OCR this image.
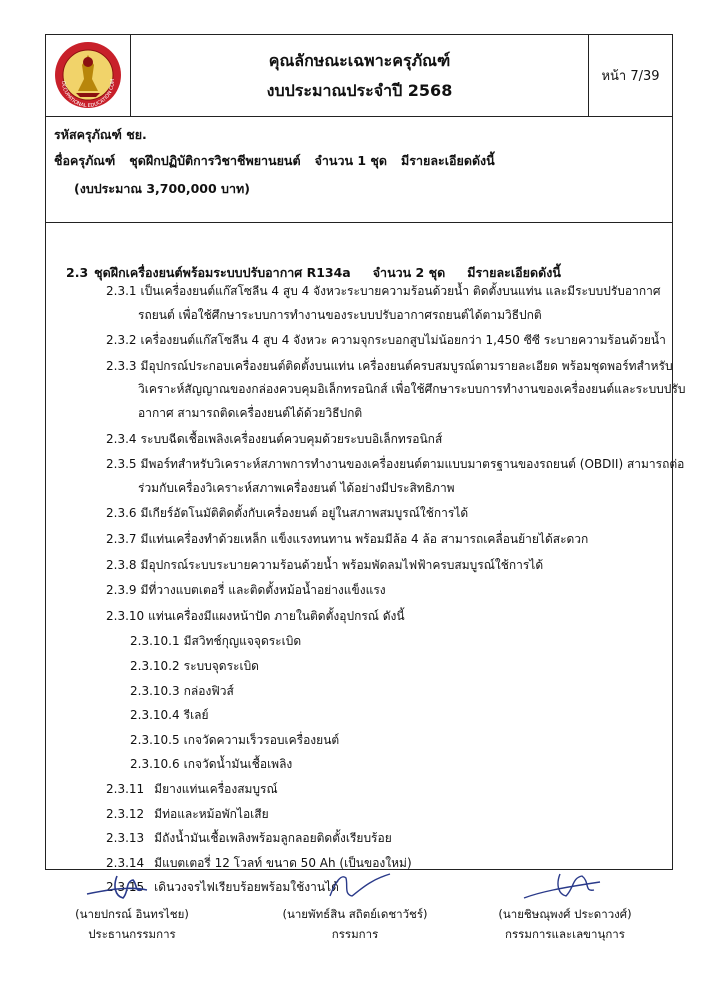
OCCUPATIONAL EDUCATION COM
คุณลักษณะเฉพาะครุภัณฑ์
งบประมาณประจำปี 2568
หน้า 7/39
รหัสครุภัณฑ์ ชย.
ชื่อครุภัณฑ์ ชุดฝึกปฏิบัติการวิชาชีพยานยนต์ จำนวน 1 ชุด มีรายละเอียดดังนี้
(งบประมาณ 3,700,000 บาท)
2.3 ชุดฝึกเครื่องยนต์พร้อมระบบปรับอากาศ R134a จำนวน 2 ชุด มีรายละเอียดดังนี้
2.3.1 เป็นเครื่องยนต์แก๊สโซลีน 4 สูบ 4 จังหวะระบายความร้อนด้วยน้ำ ติดตั้งบนแท่น และมีระบบปรับอากาศ
รถยนต์ เพื่อใช้ศึกษาระบบการทำงานของระบบปรับอากาศรถยนต์ได้ตามวิธีปกติ
2.3.2 เครื่องยนต์แก๊สโซลีน 4 สูบ 4 จังหวะ ความจุกระบอกสูบไม่น้อยกว่า 1,450 ซีซี ระบายความร้อนด้วยน้ำ
2.3.3 มีอุปกรณ์ประกอบเครื่องยนต์ติดตั้งบนแท่น เครื่องยนต์ครบสมบูรณ์ตามรายละเอียด พร้อมชุดพอร์ทสำหรับ
วิเคราะห์สัญญาณของกล่องควบคุมอิเล็กทรอนิกส์ เพื่อใช้ศึกษาระบบการทำงานของเครื่องยนต์และระบบปรับ
อากาศ สามารถติดเครื่องยนต์ได้ด้วยวิธีปกติ
2.3.4 ระบบฉีดเชื้อเพลิงเครื่องยนต์ควบคุมด้วยระบบอิเล็กทรอนิกส์
2.3.5 มีพอร์ทสำหรับวิเคราะห์สภาพการทำงานของเครื่องยนต์ตามแบบมาตรฐานของรถยนต์ (OBDII) สามารถต่อ
ร่วมกับเครื่องวิเคราะห์สภาพเครื่องยนต์ ได้อย่างมีประสิทธิภาพ
2.3.6 มีเกียร์อัตโนมัติติดตั้งกับเครื่องยนต์ อยู่ในสภาพสมบูรณ์ใช้การได้
2.3.7 มีแท่นเครื่องทำด้วยเหล็ก แข็งแรงทนทาน พร้อมมีล้อ 4 ล้อ สามารถเคลื่อนย้ายได้สะดวก
2.3.8 มีอุปกรณ์ระบบระบายความร้อนด้วยน้ำ พร้อมพัดลมไฟฟ้าครบสมบูรณ์ใช้การได้
2.3.9 มีที่วางแบตเตอรี่ และติดตั้งหม้อน้ำอย่างแข็งแรง
2.3.10 แท่นเครื่องมีแผงหน้าปัด ภายในติดตั้งอุปกรณ์ ดังนี้
2.3.10.1 มีสวิทช์กุญแจจุดระเบิด
2.3.10.2 ระบบจุดระเบิด
2.3.10.3 กล่องฟิวส์
2.3.10.4 รีเลย์
2.3.10.5 เกจวัดความเร็วรอบเครื่องยนต์
2.3.10.6 เกจวัดน้ำมันเชื้อเพลิง
2.3.11 มียางแท่นเครื่องสมบูรณ์
2.3.12 มีท่อและหม้อพักไอเสีย
2.3.13 มีถังน้ำมันเชื้อเพลิงพร้อมลูกลอยติดตั้งเรียบร้อย
2.3.14 มีแบตเตอรี่ 12 โวลท์ ขนาด 50 Ah (เป็นของใหม่)
2.3.15 เดินวงจรไฟเรียบร้อยพร้อมใช้งานได้
(นายปกรณ์ อินทรไชย)
ประธานกรรมการ
(นายพัทธ์สิน สถิตย์เดชาวัชร์)
กรรมการ
(นายชิษณุพงศ์ ประดาวงศ์)
กรรมการและเลขานุการ
